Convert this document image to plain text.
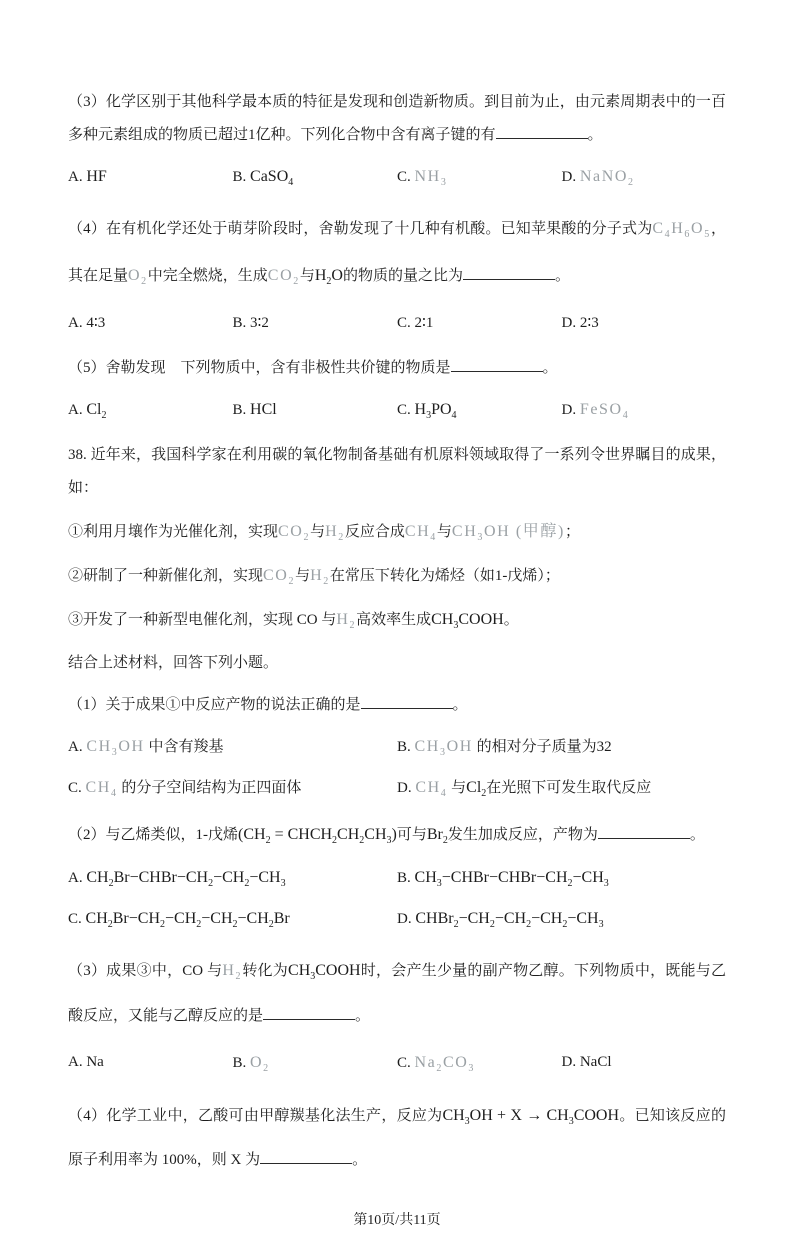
（3）化学区别于其他科学最本质的特征是发现和创造新物质。到目前为止，由元素周期表中的一百多种元素组成的物质已超过1亿种。下列化合物中含有离子键的有	。
A. HF	B. CaSO$_4$	C. $NH_3$	D. NaNO$_2$
（4）在有机化学还处于萌芽阶段时，舍勒发现了十几种有机酸。已知苹果酸的分子式为$C_4H_6O_5$，其在足量$O_2$中完全燃烧，生成$CO_2$与$H_2O$的物质的量之比为	。
A. 4∶3	B. 3∶2	C. 2∶1	D. 2∶3
（5）舍勒发现　下列物质中，含有非极性共价键的物质是	。
A. $Cl_2$	B. HCl	C. $H_3PO_4$	D. FeSO$_4$
38. 近年来，我国科学家在利用碳的氧化物制备基础有机原料领域取得了一系列令世界瞩目的成果，如：
①利用月壤作为光催化剂，实现$CO_2$与$H_2$反应合成$CH_4$与$CH_3OH$ (甲醇)；
②研制了一种新催化剂，实现$CO_2$与$H_2$在常压下转化为烯烃（如1-戊烯）；
③开发了一种新型电催化剂，实现 CO 与$H_2$高效率生成$CH_3COOH$。
结合上述材料，回答下列小题。
（1）关于成果①中反应产物的说法正确的是	。
A. $CH_3OH$ 中含有羧基	B. $CH_3OH$ 的相对分子质量为32
C. $CH_4$ 的分子空间结构为正四面体	D. $CH_4$ 与$Cl_2$在光照下可发生取代反应
（2）与乙烯类似，1-戊烯($CH_2$ = $CHCH_2CH_2CH_3$)可与$Br_2$发生加成反应，产物为	。
A. $CH_2Br-CHBr-CH_2-CH_2-CH_3$	B. $CH_3-CHBr-CHBr-CH_2-CH_3$
C. $CH_2Br-CH_2-CH_2-CH_2-CH_2Br$	D. $CHBr_2-CH_2-CH_2-CH_2-CH_3$
（3）成果③中，CO 与$H_2$转化为$CH_3COOH$时，会产生少量的副产物乙醇。下列物质中，既能与乙酸反应，又能与乙醇反应的是	。
A. Na	B. $O_2$	C. $Na_2CO_3$	D. NaCl
（4）化学工业中，乙酸可由甲醇羰基化法生产，反应为$CH_3OH + X$ → $CH_3COOH$。已知该反应的原子利用率为 100%，则 X 为	。
第10页/共11页
